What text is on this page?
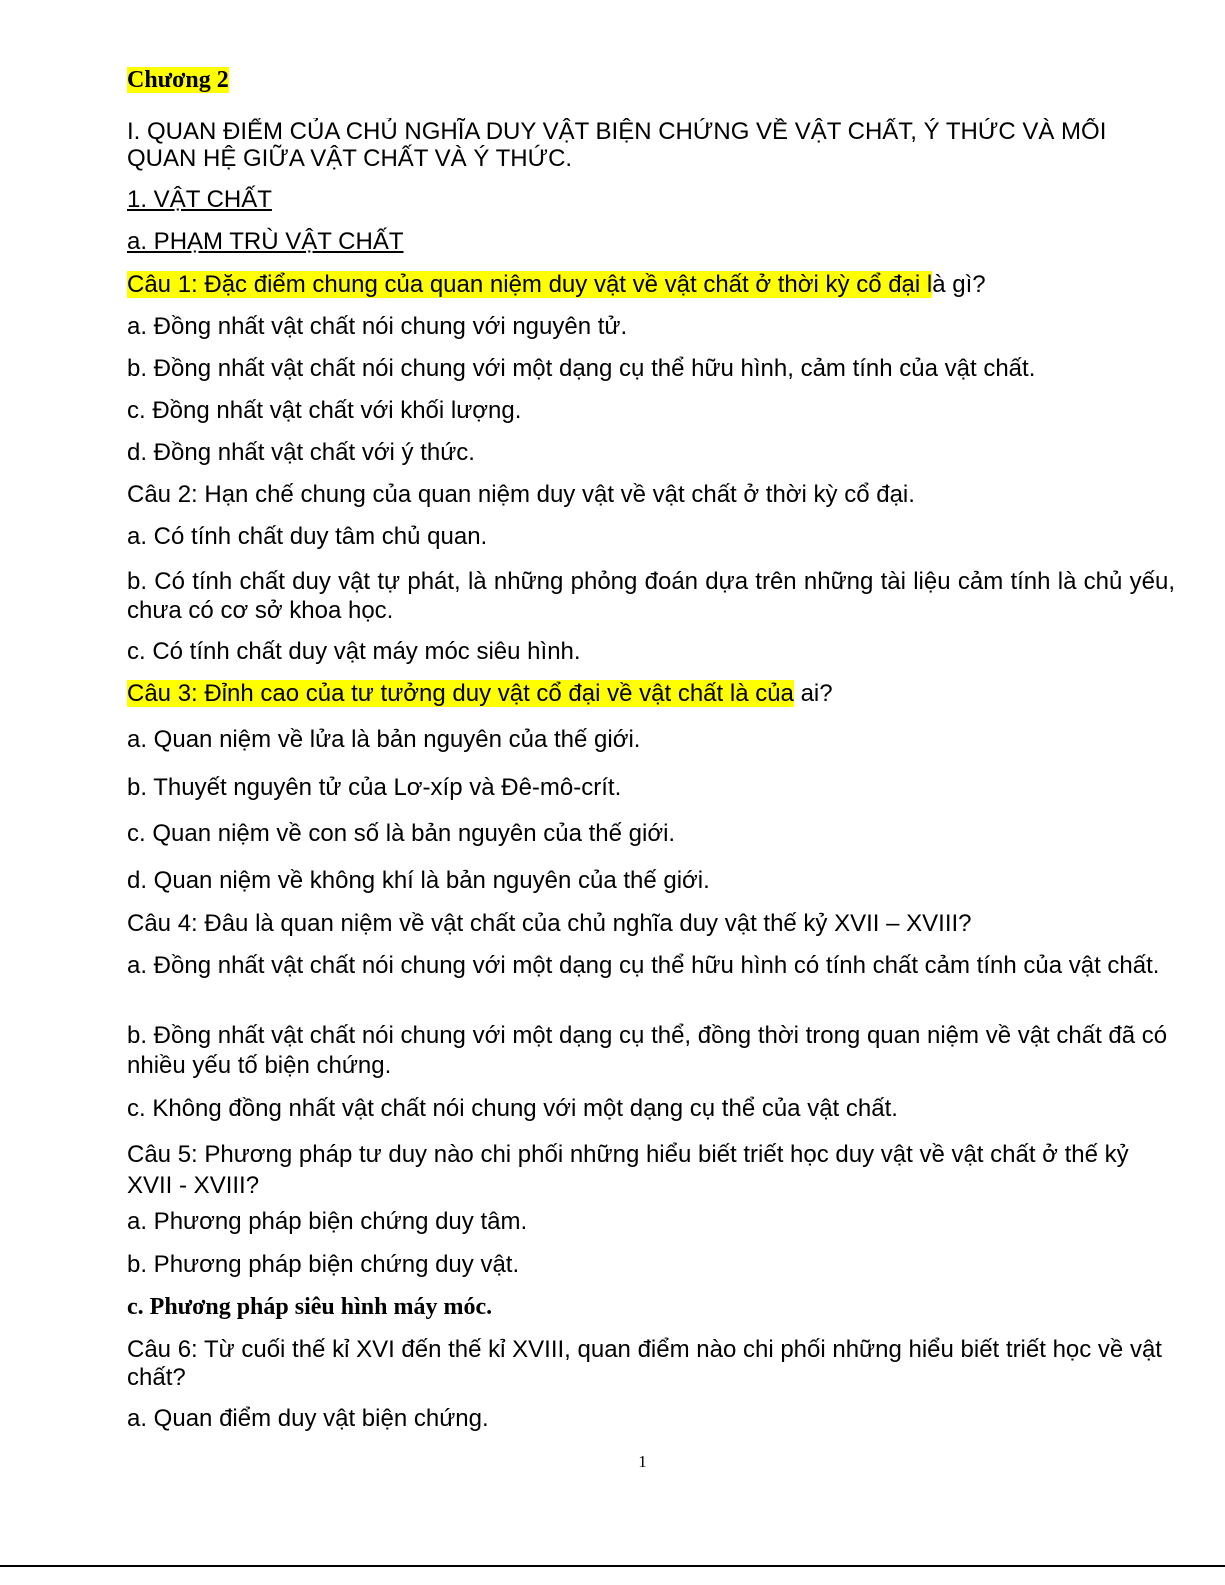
Chương 2
I. QUAN ĐIỂM CỦA CHỦ NGHĨA DUY VẬT BIỆN CHỨNG VỀ VẬT CHẤT, Ý THỨC VÀ MỐI QUAN HỆ GIỮA VẬT CHẤT VÀ Ý THỨC.
1. VẬT CHẤT
a. PHẠM TRÙ VẬT CHẤT
Câu 1: Đặc điểm chung của quan niệm duy vật về vật chất ở thời kỳ cổ đại là gì?
a. Đồng nhất vật chất nói chung với nguyên tử.
b. Đồng nhất vật chất nói chung với một dạng cụ thể hữu hình, cảm tính của vật chất.
c. Đồng nhất vật chất với khối lượng.
d. Đồng nhất vật chất với ý thức.
Câu 2: Hạn chế chung của quan niệm duy vật về vật chất ở thời kỳ cổ đại.
a. Có tính chất duy tâm chủ quan.
b. Có tính chất duy vật tự phát, là những phỏng đoán dựa trên những tài liệu cảm tính là chủ yếu, chưa có cơ sở khoa học.
c. Có tính chất duy vật máy móc siêu hình.
Câu 3: Đỉnh cao của tư tưởng duy vật cổ đại về vật chất là của ai?
a. Quan niệm về lửa là bản nguyên của thế giới.
b. Thuyết nguyên tử của Lơ-xíp và Đê-mô-crít.
c. Quan niệm về con số là bản nguyên của thế giới.
d. Quan niệm về không khí là bản nguyên của thế giới.
Câu 4: Đâu là quan niệm về vật chất của chủ nghĩa duy vật thế kỷ XVII – XVIII?
a. Đồng nhất vật chất nói chung với một dạng cụ thể hữu hình có tính chất cảm tính của vật chất.
b. Đồng nhất vật chất nói chung với một dạng cụ thể, đồng thời trong quan niệm về vật chất đã có nhiều yếu tố biện chứng.
c. Không đồng nhất vật chất nói chung với một dạng cụ thể của vật chất.
Câu 5: Phương pháp tư duy nào chi phối những hiểu biết triết học duy vật về vật chất ở thế kỷ XVII - XVIII?
a. Phương pháp biện chứng duy tâm.
b. Phương pháp biện chứng duy vật.
c. Phương pháp siêu hình máy móc.
Câu 6: Từ cuối thế kỉ XVI đến thế kỉ XVIII, quan điểm nào chi phối những hiểu biết triết học về vật chất?
a. Quan điểm duy vật biện chứng.
1
